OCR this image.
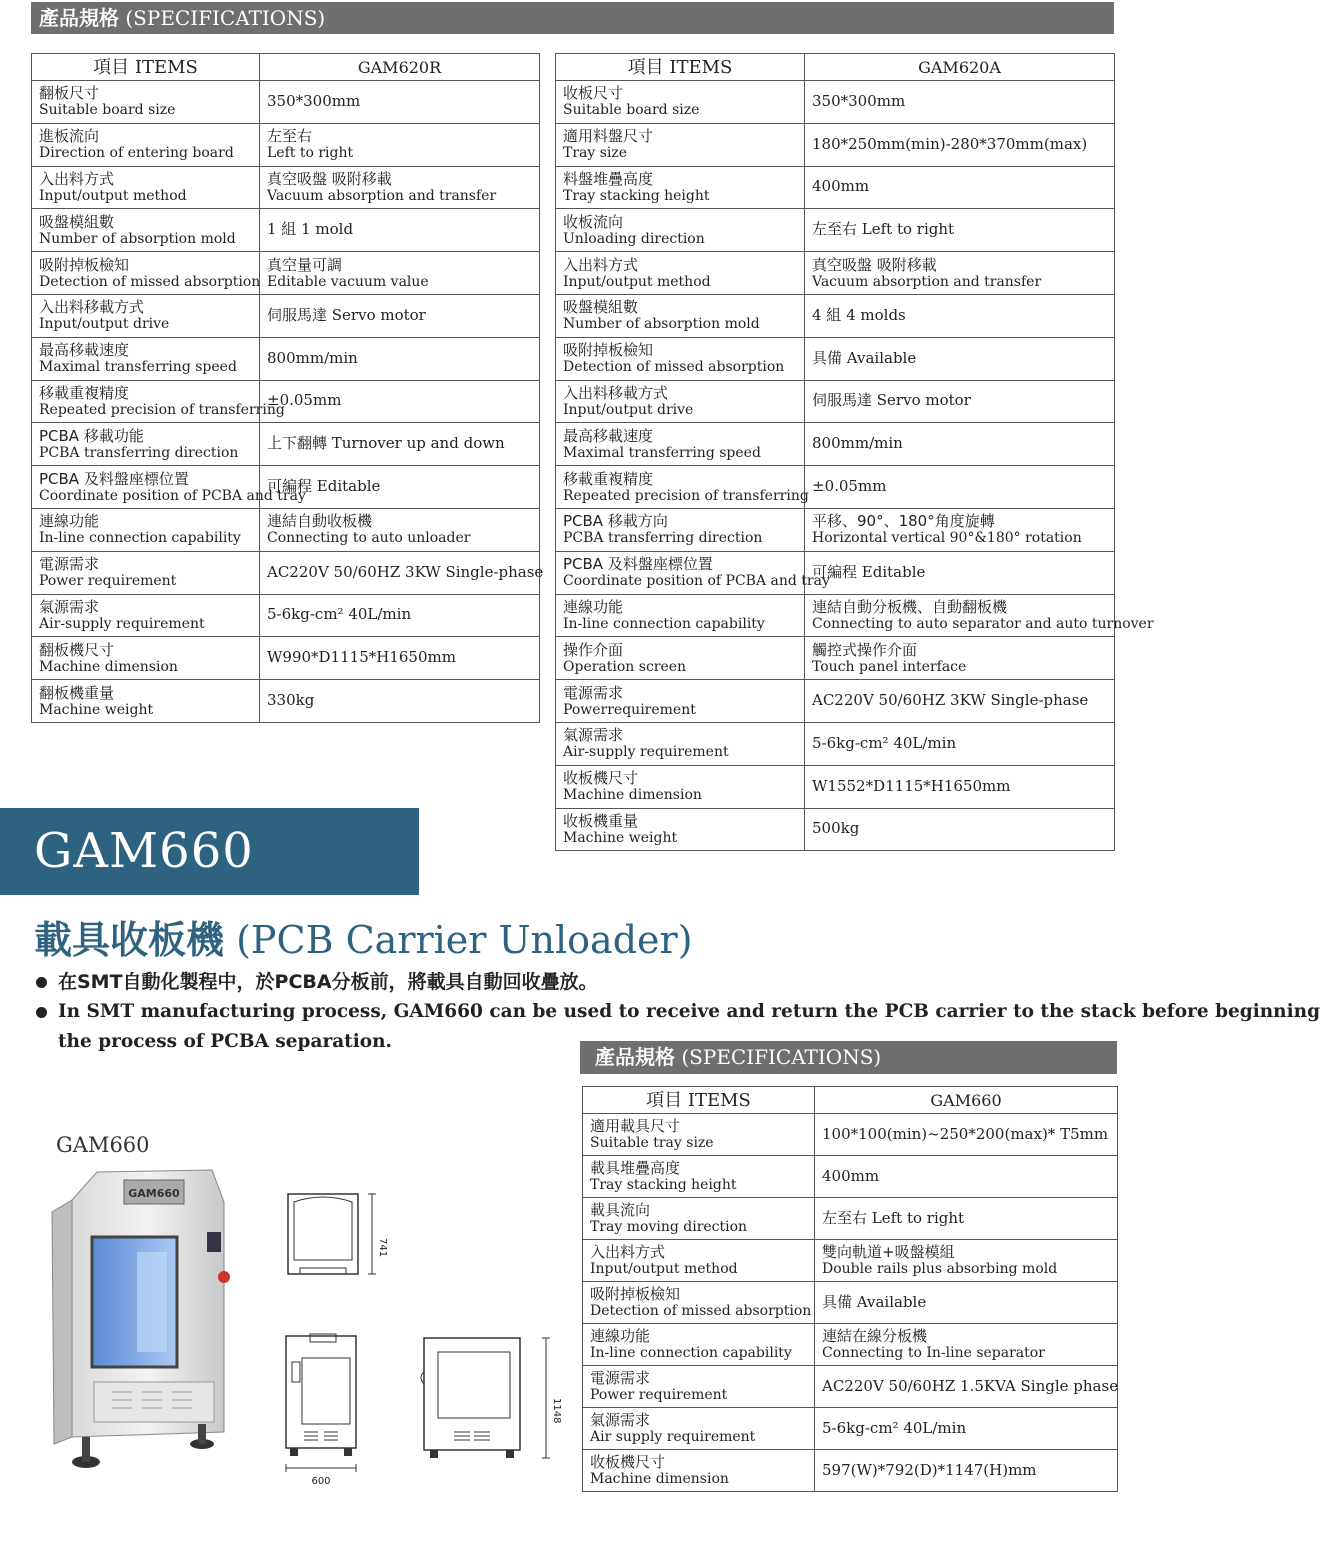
產品規格 (SPECIFICATIONS)
項目 ITEMS	GAM620R

翻板尺寸
Suitable board size	350*300mm

進板流向
Direction of entering board	左至右
Left to right

入出料方式
Input/output method	真空吸盤 吸附移載
Vacuum absorption and transfer

吸盤模組數
Number of absorption mold	1 組 1 mold

吸附掉板檢知
Detection of missed absorption	真空量可調
Editable vacuum value

入出料移載方式
Input/output drive	伺服馬達 Servo motor

最高移載速度
Maximal transferring speed	800mm/min

移載重複精度
Repeated precision of transferring	±0.05mm

PCBA 移載功能
PCBA transferring direction	上下翻轉 Turnover up and down

PCBA 及料盤座標位置
Coordinate position of PCBA and tray	可編程 Editable

連線功能
In-line connection capability	連結自動收板機
Connecting to auto unloader

電源需求
Power requirement	AC220V 50/60HZ 3KW Single-phase

氣源需求
Air-supply requirement	5-6kg-cm² 40L/min

翻板機尺寸
Machine dimension	W990*D1115*H1650mm

翻板機重量
Machine weight	330kg
項目 ITEMS	GAM620A

收板尺寸
Suitable board size	350*300mm

適用料盤尺寸
Tray size	180*250mm(min)-280*370mm(max)

料盤堆疊高度
Tray stacking height	400mm

收板流向
Unloading direction	左至右 Left to right

入出料方式
Input/output method	真空吸盤 吸附移載
Vacuum absorption and transfer

吸盤模組數
Number of absorption mold	4 組 4 molds

吸附掉板檢知
Detection of missed absorption	具備 Available

入出料移載方式
Input/output drive	伺服馬達 Servo motor

最高移載速度
Maximal transferring speed	800mm/min

移載重複精度
Repeated precision of transferring	±0.05mm

PCBA 移載方向
PCBA transferring direction	平移、90°、180°角度旋轉
Horizontal vertical 90°&180° rotation

PCBA 及料盤座標位置
Coordinate position of PCBA and tray	可編程 Editable

連線功能
In-line connection capability	連結自動分板機、自動翻板機
Connecting to auto separator and auto turnover

操作介面
Operation screen	觸控式操作介面
Touch panel interface

電源需求
Powerrequirement	AC220V 50/60HZ 3KW Single-phase

氣源需求
Air-supply requirement	5-6kg-cm² 40L/min

收板機尺寸
Machine dimension	W1552*D1115*H1650mm

收板機重量
Machine weight	500kg
GAM660
載具收板機 (PCB Carrier Unloader)
在SMT自動化製程中，於PCBA分板前，將載具自動回收疊放。
In SMT manufacturing process, GAM660 can be used to receive and return the PCB carrier to the stack before beginning
the process of PCBA separation.
產品規格 (SPECIFICATIONS)
GAM660
GAM660
741
600
1148
項目 ITEMS	GAM660

適用載具尺寸
Suitable tray size	100*100(min)~250*200(max)* T5mm

載具堆疊高度
Tray stacking height	400mm

載具流向
Tray moving direction	左至右 Left to right

入出料方式
Input/output method	雙向軌道+吸盤模組
Double rails plus absorbing mold

吸附掉板檢知
Detection of missed absorption	具備 Available

連線功能
In-line connection capability	連結在線分板機
Connecting to In-line separator

電源需求
Power requirement	AC220V 50/60HZ 1.5KVA Single phase

氣源需求
Air supply requirement	5-6kg-cm² 40L/min

收板機尺寸
Machine dimension	597(W)*792(D)*1147(H)mm
